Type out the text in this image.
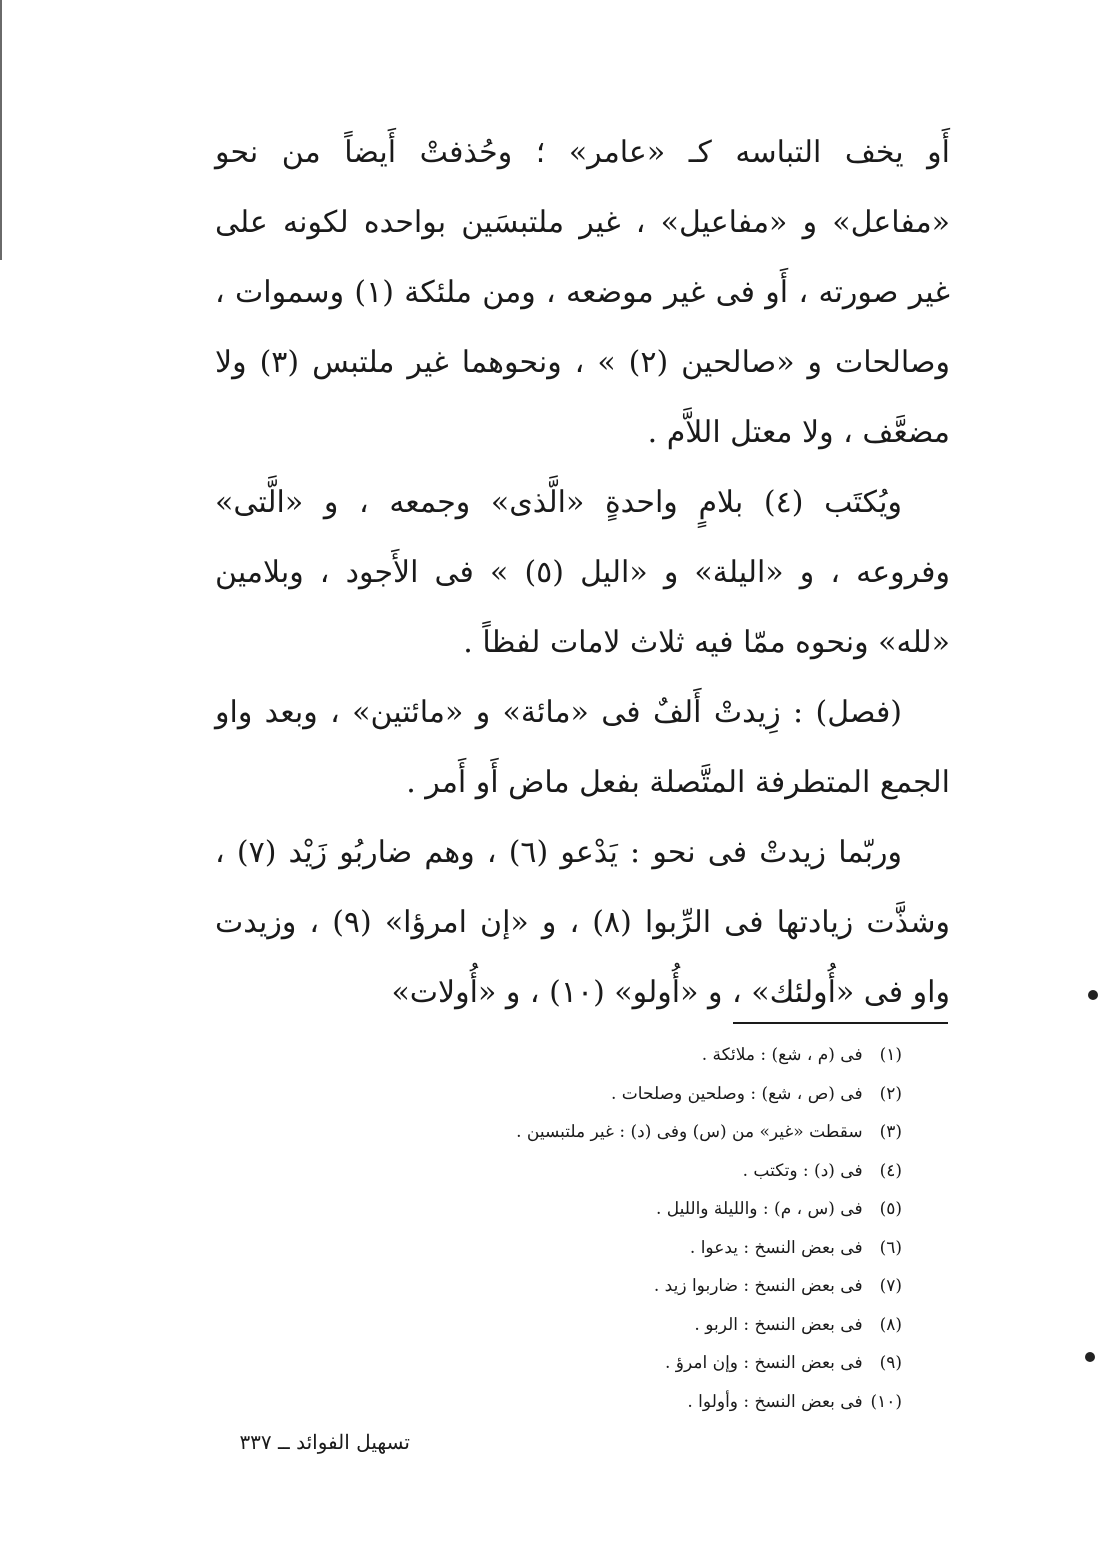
أَو يخف التباسه كـ «عامر» ؛ وحُذفتْ أَيضاً من نحو «مفاعل» و «مفاعيل» ، غير ملتبسَين بواحده لكونه على غير صورته ، أَو فى غير موضعه ، ومن ملئكة (١) وسموات ، وصالحات و «صالحين (٢) » ، ونحوهما غير ملتبس (٣) ولا مضعَّف ، ولا معتل اللاَّم .

ويُكتَب (٤) بلامٍ واحدةٍ «الَّذى» وجمعه ، و «الَّتى» وفروعه ، و «اليلة» و «اليل (٥) » فى الأَجود ، وبلامين «لله» ونحوه ممّا فيه ثلاث لامات لفظاً .

(فصل) : زِيدتْ أَلفٌ فى «مائة» و «مائتين» ، وبعد واو الجمع المتطرفة المتَّصلة بفعل ماض أَو أَمر .

وربّما زيدتْ فى نحو : يَدْعو (٦) ، وهم ضاربُو زَيْد (٧) ، وشذَّت زيادتها فى الرِّبوا (٨) ، و «إن امرؤا» (٩) ، وزيدت واو فى «أُولئك» ، و «أُولو» (١٠) ، و «أُولات»

(١) فى (م ، شع) : ملائكة .
(٢) فى (ص ، شع) : وصلحين وصلحات .
(٣) سقطت «غير» من (س) وفى (د) : غير ملتبسين .
(٤) فى (د) : وتكتب .
(٥) فى (س ، م) : والليلة والليل .
(٦) فى بعض النسخ : يدعوا .
(٧) فى بعض النسخ : ضاربوا زيد .
(٨) فى بعض النسخ : الربو .
(٩) فى بعض النسخ : وإن امرؤ .
(١٠) فى بعض النسخ : وأولوا .
تسهيل الفوائد ــ ٣٣٧
